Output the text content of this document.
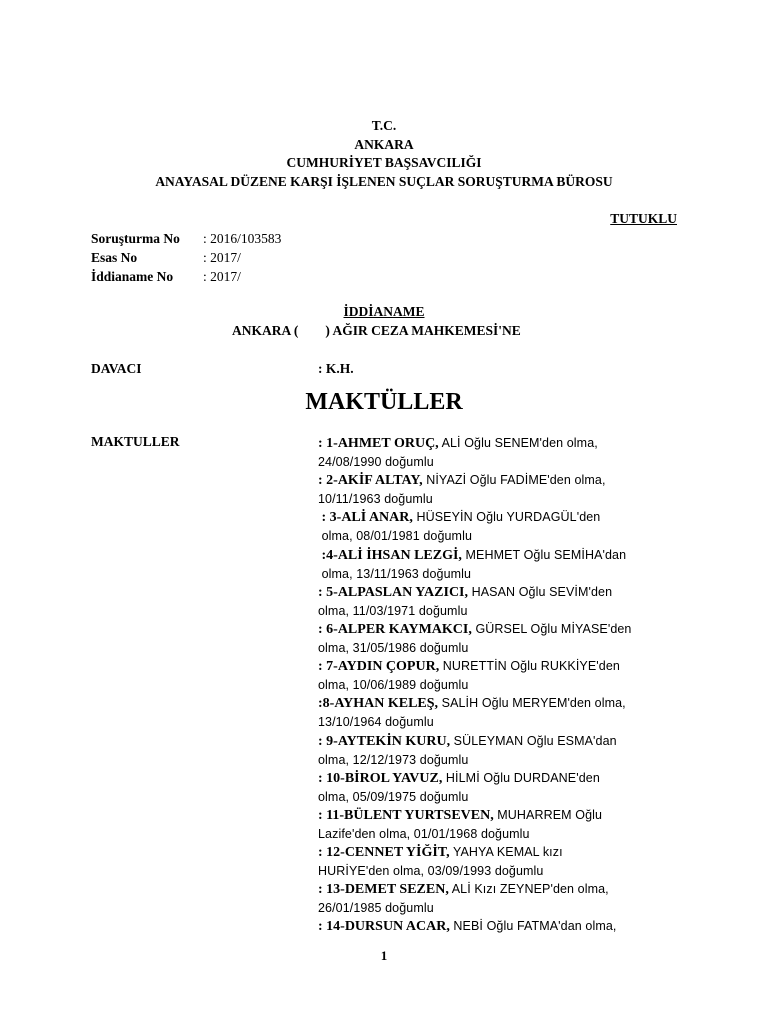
T.C.
ANKARA
CUMHURİYET BAŞSAVCILIĞI
ANAYASAL DÜZENE KARŞI İŞLENEN SUÇLAR SORUŞTURMA BÜROSU
TUTUKLU
Soruşturma No	: 2016/103583
Esas No	: 2017/
İddianame No	: 2017/
İDDİANAME
ANKARA (        ) AĞIR CEZA MAHKEMESİ'NE
DAVACI	: K.H.
MAKTÜLLER
MAKTULLER	: 1-AHMET ORUÇ, ALİ Oğlu SENEM'den olma,
24/08/1990 doğumlu
: 2-AKİF ALTAY, NİYAZİ Oğlu FADİME'den olma,
10/11/1963 doğumlu
: 3-ALİ ANAR, HÜSEYİN Oğlu YURDAGÜL'den
olma, 08/01/1981 doğumlu
:4-ALİ İHSAN LEZGİ, MEHMET Oğlu SEMİHA'dan
olma, 13/11/1963 doğumlu
: 5-ALPASLAN YAZICI, HASAN Oğlu SEVİM'den
olma, 11/03/1971 doğumlu
: 6-ALPER KAYMAKCI, GÜRSEL Oğlu MİYASE'den
olma, 31/05/1986 doğumlu
: 7-AYDIN ÇOPUR, NURETTİN Oğlu RUKKİYE'den
olma, 10/06/1989 doğumlu
:8-AYHAN KELEŞ, SALİH Oğlu MERYEM'den olma,
13/10/1964 doğumlu
: 9-AYTEKİN KURU, SÜLEYMAN Oğlu ESMA'dan
olma, 12/12/1973 doğumlu
: 10-BİROL YAVUZ, HİLMİ Oğlu DURDANE'den
olma, 05/09/1975 doğumlu
: 11-BÜLENT YURTSEVEN, MUHARREM Oğlu
Lazife'den olma, 01/01/1968 doğumlu
: 12-CENNET YİĞİT, YAHYA KEMAL kızı
HURİYE'den olma, 03/09/1993 doğumlu
: 13-DEMET SEZEN, ALİ Kızı ZEYNEP'den olma,
26/01/1985 doğumlu
: 14-DURSUN ACAR, NEBİ Oğlu FATMA'dan olma,
1
